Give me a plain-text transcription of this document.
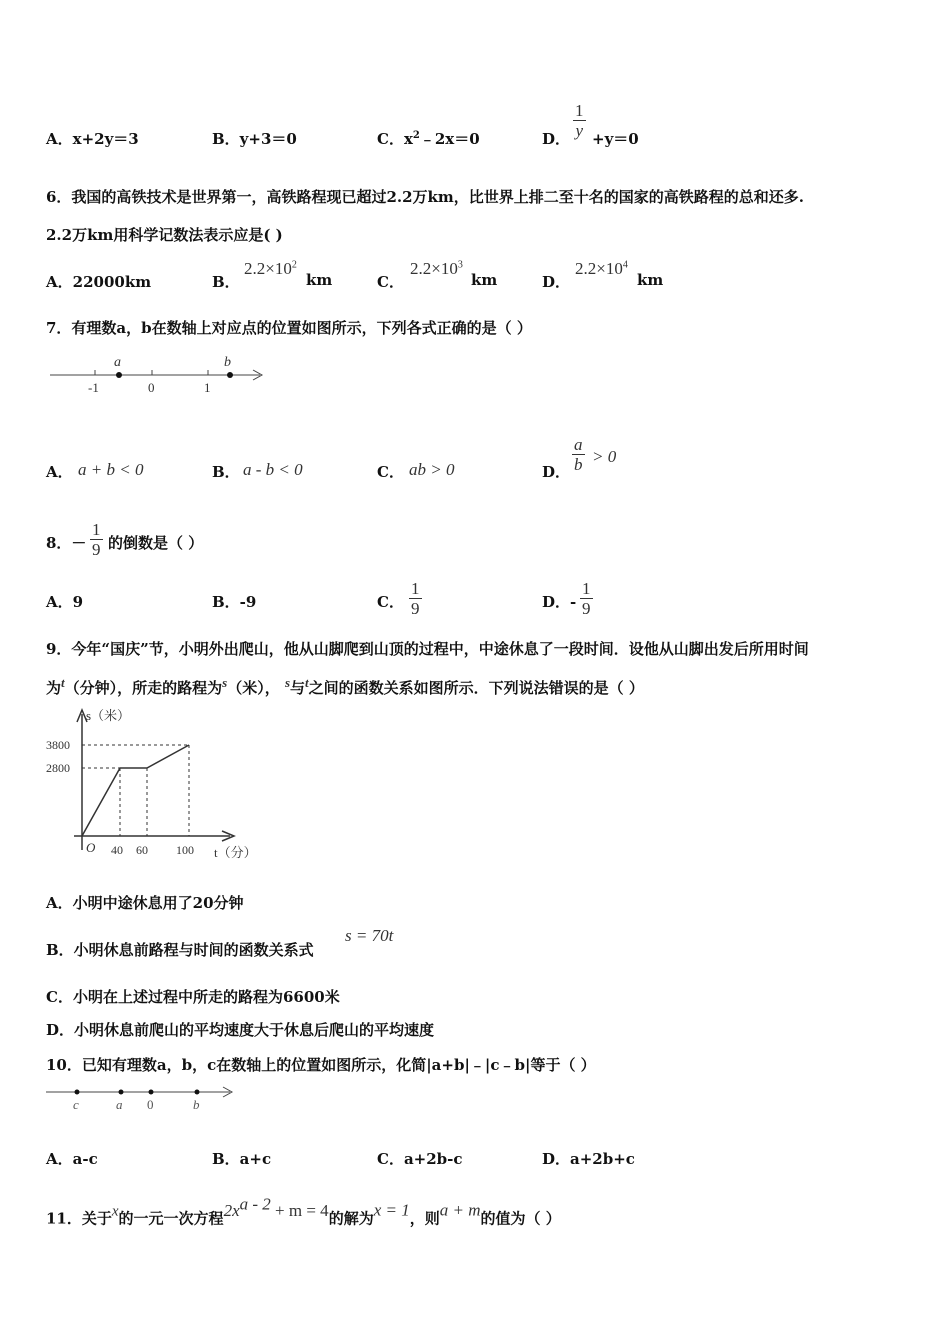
A．x+2y＝3	B．y+3＝0	C．$x^2﹣2x=0$	D． $\frac{1}{y} +y=0$
6．我国的高铁技术是世界第一，高铁路程现已超过2.2万km，比世界上排二至十名的国家的高铁路程的总和还多.
2.2万km用科学记数法表示应是( )
A．22000km	B．
$2.2\times 10^2$
km	C．
$2.2\times 10^3$
km	D．
$2.2\times 10^4$
km
7．有理数a，b在数轴上对应点的位置如图所示，下列各式正确的是（ ）
a	b
-1	0	1
A． a + b < 0	B． a - b < 0	C． ab > 0	D． $\frac{a}{b} > 0$
8．－ $\frac{1}{9}$ 的倒数是（ ）
A．9	B．-9	C． $\frac{1}{9}$	D．- $\frac{1}{9}$
9．今年“国庆”节，小明外出爬山，他从山脚爬到山顶的过程中，中途休息了一段时间．设他从山脚出发后所用时间
为t（分钟），所走的路程为s（米）， s与t之间的函数关系如图所示．下列说法错误的是（ ）
s（米）
3800
2800
O 40 60 100 t（分）
A．小明中途休息用了20分钟
B．小明休息前路程与时间的函数关系式
s = 70t
C．小明在上述过程中所走的路程为6600米
D．小明休息前爬山的平均速度大于休息后爬山的平均速度
10．已知有理数a，b，c在数轴上的位置如图所示，化简|a+b|﹣|c﹣b|等于（ ）
c	a 0	b
A．a-c	B．a+c	C．a+2b-c	D．a+2b+c
11．关于x的一元一次方程$2x^{a - 2} + m = 4$的解为x = 1，则a + m的值为（ ）
